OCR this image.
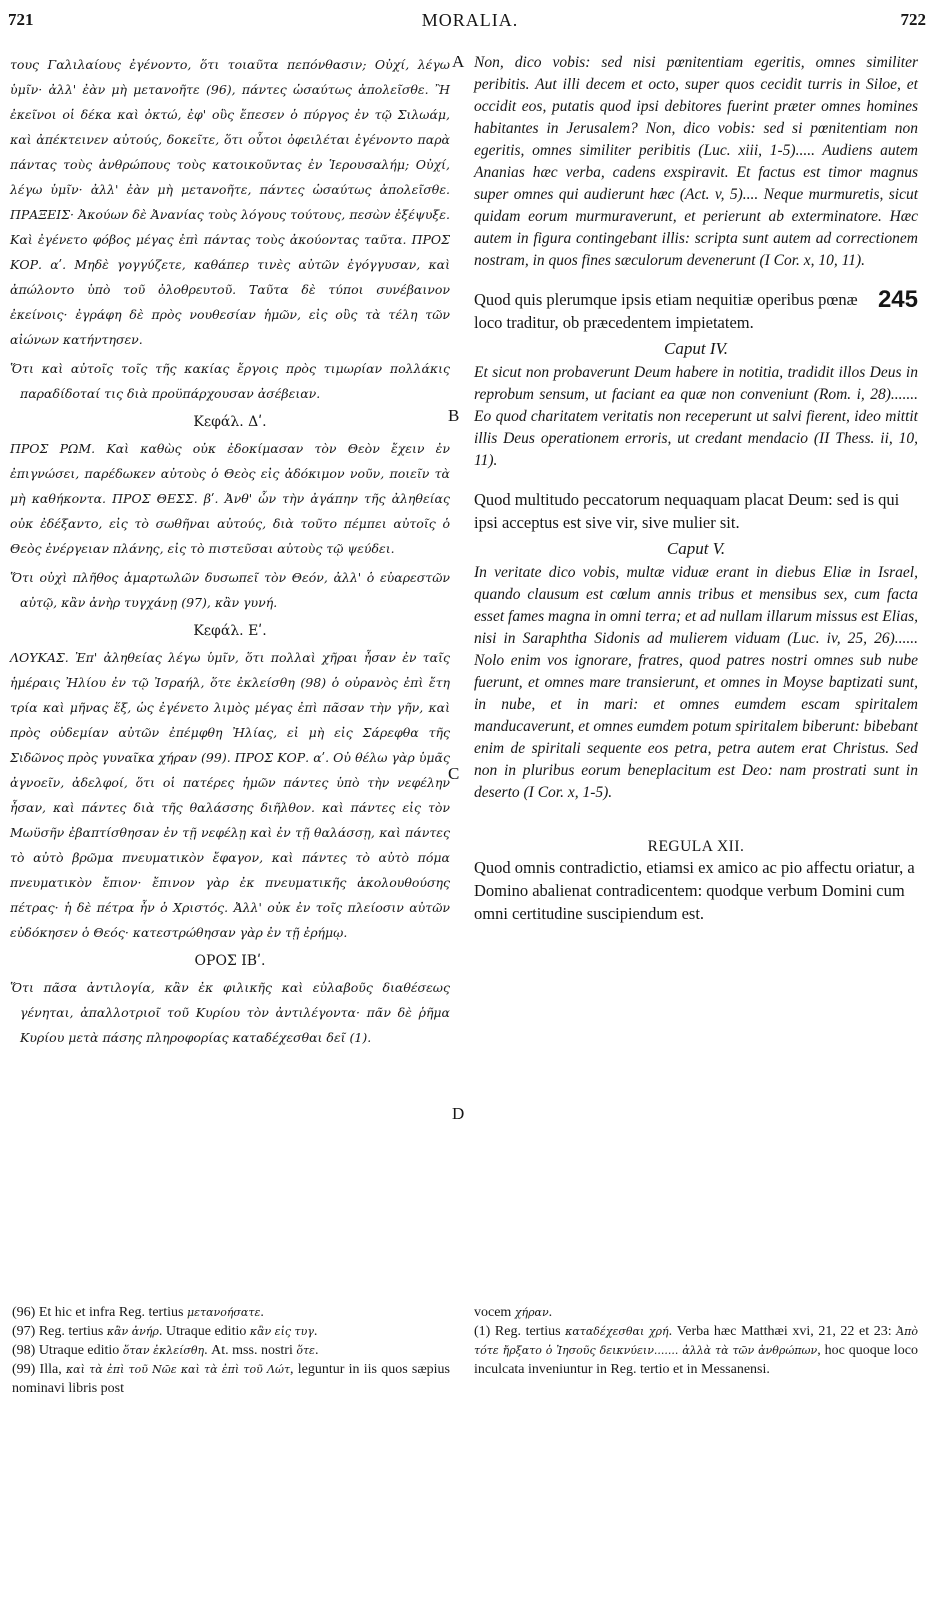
721	MORALIA.	722
A
B
C
D

τους Γαλιλαίους ἐγένοντο, ὅτι τοιαῦτα πεπόνθασιν; Οὐχί, λέγω ὑμῖν· ἀλλ' ἐὰν μὴ μετανοῆτε (96), πάντες ὡσαύτως ἀπολεῖσθε. Ἢ ἐκεῖνοι οἱ δέκα καὶ ὀκτώ, ἐφ' οὓς ἔπεσεν ὁ πύργος ἐν τῷ Σιλωάμ, καὶ ἀπέκτεινεν αὐτούς, δοκεῖτε, ὅτι οὗτοι ὀφειλέται ἐγένοντο παρὰ πάντας τοὺς ἀνθρώπους τοὺς κατοικοῦντας ἐν Ἱερουσαλήμ; Οὐχί, λέγω ὑμῖν· ἀλλ' ἐὰν μὴ μετανοῆτε, πάντες ὡσαύτως ἀπολεῖσθε. ΠΡΑΞΕΙΣ· Ἀκούων δὲ Ἀνανίας τοὺς λόγους τούτους, πεσὼν ἐξέψυξε. Καὶ ἐγένετο φόβος μέγας ἐπὶ πάντας τοὺς ἀκούοντας ταῦτα. ΠΡΟΣ ΚΟΡ. αʹ. Μηδὲ γογγύζετε, καθάπερ τινὲς αὐτῶν ἐγόγγυσαν, καὶ ἀπώλοντο ὑπὸ τοῦ ὀλοθρευτοῦ. Ταῦτα δὲ τύποι συνέβαινον ἐκείνοις· ἐγράφη δὲ πρὸς νουθεσίαν ἡμῶν, εἰς οὓς τὰ τέλη τῶν αἰώνων κατήντησεν.

Ὅτι καὶ αὐτοῖς τοῖς τῆς κακίας ἔργοις πρὸς τιμωρίαν πολλάκις παραδίδοταί τις διὰ προϋπάρχουσαν ἀσέβειαν.

Κεφάλ. Δʹ.

ΠΡΟΣ ΡΩΜ. Καὶ καθὼς οὐκ ἐδοκίμασαν τὸν Θεὸν ἔχειν ἐν ἐπιγνώσει, παρέδωκεν αὐτοὺς ὁ Θεὸς εἰς ἀδόκιμον νοῦν, ποιεῖν τὰ μὴ καθήκοντα. ΠΡΟΣ ΘΕΣΣ. βʹ. Ἀνθ' ὧν τὴν ἀγάπην τῆς ἀληθείας οὐκ ἐδέξαντο, εἰς τὸ σωθῆναι αὐτούς, διὰ τοῦτο πέμπει αὐτοῖς ὁ Θεὸς ἐνέργειαν πλάνης, εἰς τὸ πιστεῦσαι αὐτοὺς τῷ ψεύδει.

Ὅτι οὐχὶ πλῆθος ἁμαρτωλῶν δυσωπεῖ τὸν Θεόν, ἀλλ' ὁ εὐαρεστῶν αὐτῷ, κἂν ἀνὴρ τυγχάνῃ (97), κἂν γυνή.

Κεφάλ. Εʹ.

ΛΟΥΚΑΣ. Ἐπ' ἀληθείας λέγω ὑμῖν, ὅτι πολλαὶ χῆραι ἦσαν ἐν ταῖς ἡμέραις Ἠλίου ἐν τῷ Ἰσραήλ, ὅτε ἐκλείσθη (98) ὁ οὐρανὸς ἐπὶ ἔτη τρία καὶ μῆνας ἕξ, ὡς ἐγένετο λιμὸς μέγας ἐπὶ πᾶσαν τὴν γῆν, καὶ πρὸς οὐδεμίαν αὐτῶν ἐπέμφθη Ἠλίας, εἰ μὴ εἰς Σάρεφθα τῆς Σιδῶνος πρὸς γυναῖκα χήραν (99). ΠΡΟΣ ΚΟΡ. αʹ. Οὐ θέλω γὰρ ὑμᾶς ἀγνοεῖν, ἀδελφοί, ὅτι οἱ πατέρες ἡμῶν πάντες ὑπὸ τὴν νεφέλην ἦσαν, καὶ πάντες διὰ τῆς θαλάσσης διῆλθον. καὶ πάντες εἰς τὸν Μωϋσῆν ἐβαπτίσθησαν ἐν τῇ νεφέλῃ καὶ ἐν τῇ θαλάσσῃ, καὶ πάντες τὸ αὐτὸ βρῶμα πνευματικὸν ἔφαγον, καὶ πάντες τὸ αὐτὸ πόμα πνευματικὸν ἔπιον· ἔπινον γὰρ ἐκ πνευματικῆς ἀκολουθούσης πέτρας· ἡ δὲ πέτρα ἦν ὁ Χριστός. Ἀλλ' οὐκ ἐν τοῖς πλείοσιν αὐτῶν εὐδόκησεν ὁ Θεός· κατεστρώθησαν γὰρ ἐν τῇ ἐρήμῳ.

ΟΡΟΣ ΙΒʹ.

Ὅτι πᾶσα ἀντιλογία, κἂν ἐκ φιλικῆς καὶ εὐλαβοῦς διαθέσεως γένηται, ἀπαλλοτριοῖ τοῦ Κυρίου τὸν ἀντιλέγοντα· πᾶν δὲ ῥῆμα Κυρίου μετὰ πάσης πληροφορίας καταδέχεσθαι δεῖ (1).

Non, dico vobis: sed nisi pœnitentiam egeritis, omnes similiter peribitis. Aut illi decem et octo, super quos cecidit turris in Siloe, et occidit eos, putatis quod ipsi debitores fuerint præter omnes homines habitantes in Jerusalem? Non, dico vobis: sed si pœnitentiam non egeritis, omnes similiter peribitis (Luc. xiii, 1-5)..... Audiens autem Ananias hæc verba, cadens exspiravit. Et factus est timor magnus super omnes qui audierunt hæc (Act. v, 5).... Neque murmuretis, sicut quidam eorum murmuraverunt, et perierunt ab exterminatore. Hæc autem in figura contingebant illis: scripta sunt autem ad correctionem nostram, in quos fines sæculorum devenerunt (I Cor. x, 10, 11).

245
Quod quis plerumque ipsis etiam nequitiæ operibus pœnæ loco traditur, ob præcedentem impietatem.

Caput IV.

Et sicut non probaverunt Deum habere in notitia, tradidit illos Deus in reprobum sensum, ut faciant ea quæ non conveniunt (Rom. i, 28)....... Eo quod charitatem veritatis non receperunt ut salvi fierent, ideo mittit illis Deus operationem erroris, ut credant mendacio (II Thess. ii, 10, 11).

Quod multitudo peccatorum nequaquam placat Deum: sed is qui ipsi acceptus est sive vir, sive mulier sit.

Caput V.

In veritate dico vobis, multæ viduæ erant in diebus Eliæ in Israel, quando clausum est cœlum annis tribus et mensibus sex, cum facta esset fames magna in omni terra; et ad nullam illarum missus est Elias, nisi in Saraphtha Sidonis ad mulierem viduam (Luc. iv, 25, 26)...... Nolo enim vos ignorare, fratres, quod patres nostri omnes sub nube fuerunt, et omnes mare transierunt, et omnes in Moyse baptizati sunt, in nube, et in mari: et omnes eumdem escam spiritalem manducaverunt, et omnes eumdem potum spiritalem biberunt: bibebant enim de spiritali sequente eos petra, petra autem erat Christus. Sed non in pluribus eorum beneplacitum est Deo: nam prostrati sunt in deserto (I Cor. x, 1-5).

REGULA XII.

Quod omnis contradictio, etiamsi ex amico ac pio affectu oriatur, a Domino abalienat contradicentem: quodque verbum Domini cum omni certitudine suscipiendum est.

(96) Et hic et infra Reg. tertius μετανοήσατε.

(97) Reg. tertius κἂν ἀνήρ. Utraque editio κἂν εἰς τυγ.

(98) Utraque editio ὅταν ἐκλείσθη. At. mss. nostri ὅτε.

(99) Illa, καὶ τὰ ἐπὶ τοῦ Νῶε καὶ τὰ ἐπὶ τοῦ Λώτ, leguntur in iis quos sæpius nominavi libris post

vocem χήραν.

(1) Reg. tertius καταδέχεσθαι χρή. Verba hæc Matthæi xvi, 21, 22 et 23: Ἀπὸ τότε ἤρξατο ὁ Ἰησοῦς δεικνύειν....... ἀλλὰ τὰ τῶν ἀνθρώπων, hoc quoque loco inculcata inveniuntur in Reg. tertio et in Messanensi.
